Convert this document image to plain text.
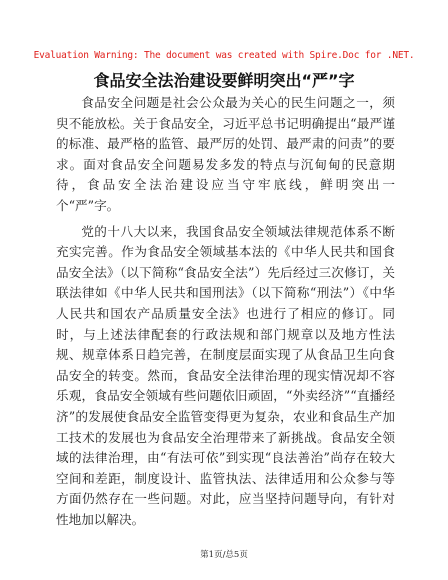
Evaluation Warning: The document was created with Spire.Doc for .NET.
食品安全法治建设要鲜明突出“严”字

食品安全问题是社会公众最为关心的民生问题之一，须臾不能放松。关于食品安全，习近平总书记明确提出“最严谨的标准、最严格的监管、最严厉的处罚、最严肃的问责”的要求。面对食品安全问题易发多发的特点与沉甸甸的民意期待，食品安全法治建设应当守牢底线，鲜明突出一个“严”字。

党的十八大以来，我国食品安全领域法律规范体系不断充实完善。作为食品安全领域基本法的《中华人民共和国食品安全法》（以下简称“食品安全法”）先后经过三次修订，关联法律如《中华人民共和国刑法》（以下简称“刑法”）《中华人民共和国农产品质量安全法》也进行了相应的修订。同时，与上述法律配套的行政法规和部门规章以及地方性法规、规章体系日趋完善，在制度层面实现了从食品卫生向食品安全的转变。然而，食品安全法律治理的现实情况却不容乐观，食品安全领域有些问题依旧顽固，“外卖经济”“直播经济”的发展使食品安全监管变得更为复杂，农业和食品生产加工技术的发展也为食品安全治理带来了新挑战。食品安全领域的法律治理，由“有法可依”到实现“良法善治”尚存在较大空间和差距，制度设计、监管执法、法律适用和公众参与等方面仍然存在一些问题。对此，应当坚持问题导向，有针对性地加以解决。

第1页/总5页
